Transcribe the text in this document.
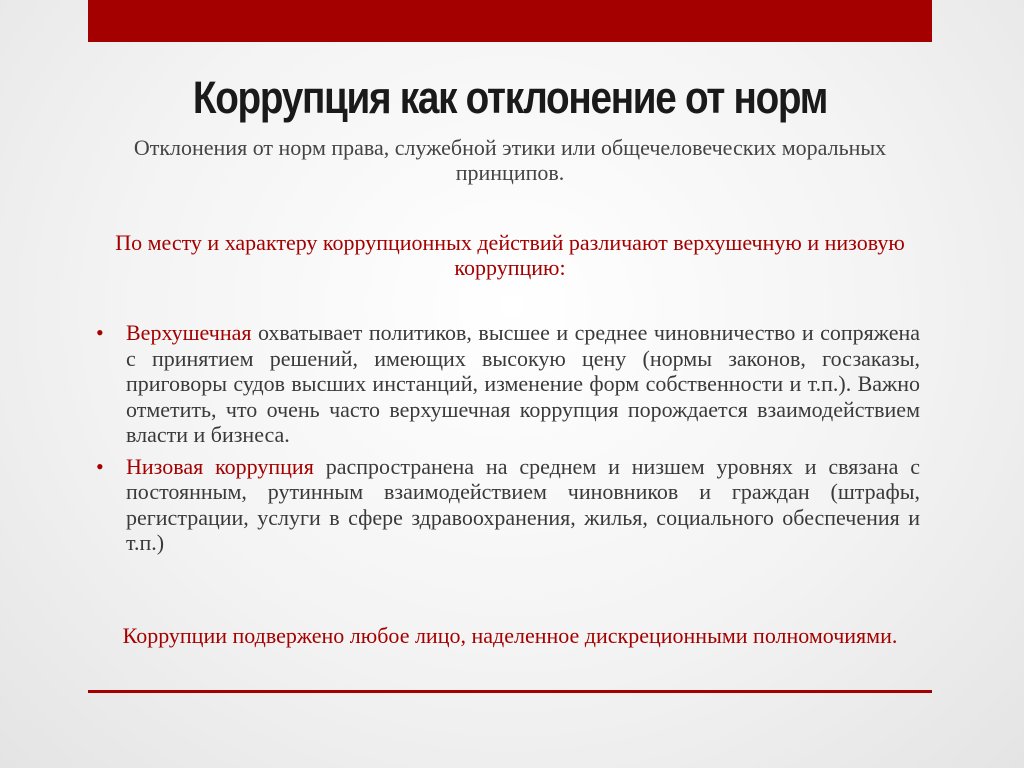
Коррупция как отклонение от норм
Отклонения от норм права, служебной этики или общечеловеческих моральных принципов.
По месту и характеру коррупционных действий различают верхушечную и низовую коррупцию:
• Верхушечная охватывает политиков, высшее и среднее чиновничество и сопряжена с принятием решений, имеющих высокую цену (нормы законов, госзаказы, приговоры судов высших инстанций, изменение форм собственности и т.п.). Важно отметить, что очень часто верхушечная коррупция порождается взаимодействием власти и бизнеса.
• Низовая коррупция распространена на среднем и низшем уровнях и связана с постоянным, рутинным взаимодействием чиновников и граждан (штрафы, регистрации, услуги в сфере здравоохранения, жилья, социального обеспечения и т.п.)
Коррупции подвержено любое лицо, наделенное дискреционными полномочиями.
